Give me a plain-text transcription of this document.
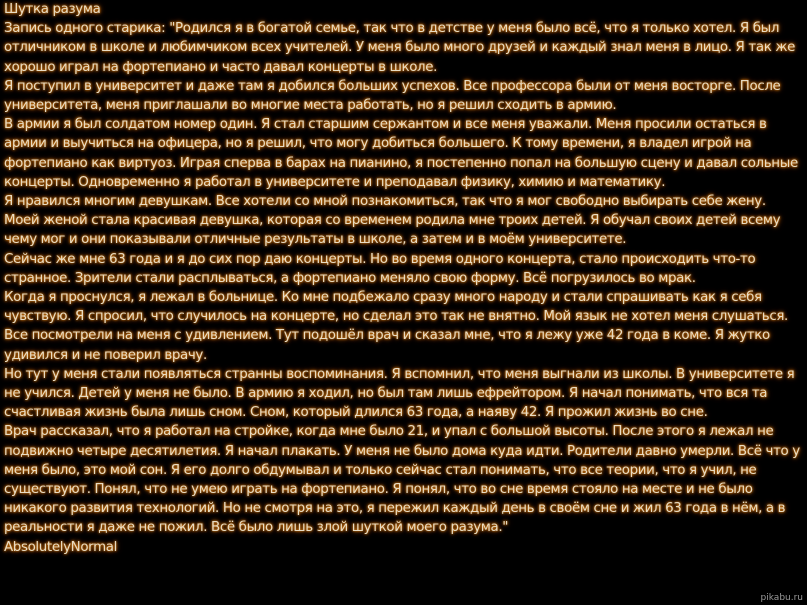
Шутка разума

Запись одного старика: "Родился я в богатой семье, так что в детстве у меня было всё, что я только хотел. Я был отличником в школе и любимчиком всех учителей. У меня было много друзей и каждый знал меня в лицо. Я так же хорошо играл на фортепиано и часто давал концерты в школе.

Я поступил в университет и даже там я добился больших успехов. Все профессора были от меня восторге. После университета, меня приглашали во многие места работать, но я решил сходить в армию.

В армии я был солдатом номер один. Я стал старшим сержантом и все меня уважали. Меня просили остаться в армии и выучиться на офицера, но я решил, что могу добиться большего. К тому времени, я владел игрой на фортепиано как виртуоз. Играя сперва в барах на пианино, я постепенно попал на большую сцену и давал сольные концерты. Одновременно я работал в университете и преподавал физику, химию и математику.

Я нравился многим девушкам. Все хотели со мной познакомиться, так что я мог свободно выбирать себе жену. Моей женой стала красивая девушка, которая со временем родила мне троих детей. Я обучал своих детей всему чему мог и они показывали отличные результаты в школе, а затем и в моём университете.

Сейчас же мне 63 года и я до сих пор даю концерты. Но во время одного концерта, стало происходить что-то странное. Зрители стали расплываться, а фортепиано меняло свою форму. Всё погрузилось во мрак.

Когда я проснулся, я лежал в больнице. Ко мне подбежало сразу много народу и стали спрашивать как я себя чувствую. Я спросил, что случилось на концерте, но сделал это так не внятно. Мой язык не хотел меня слушаться. Все посмотрели на меня с удивлением. Тут подошёл врач и сказал мне, что я лежу уже 42 года в коме. Я жутко удивился и не поверил врачу.

Но тут у меня стали появляться странны воспоминания. Я вспомнил, что меня выгнали из школы. В университете я не учился. Детей у меня не было. В армию я ходил, но был там лишь ефрейтором. Я начал понимать, что вся та счастливая жизнь была лишь сном. Сном, который длился 63 года, а наяву 42. Я прожил жизнь во сне.

Врач рассказал, что я работал на стройке, когда мне было 21, и упал с большой высоты. После этого я лежал не подвижно четыре десятилетия. Я начал плакать. У меня не было дома куда идти. Родители давно умерли. Всё что у меня было, это мой сон. Я его долго обдумывал и только сейчас стал понимать, что все теории, что я учил, не существуют. Понял, что не умею играть на фортепиано. Я понял, что во сне время стояло на месте и не было никакого развития технологий. Но не смотря на это, я пережил каждый день в своём сне и жил 63 года в нём, а в реальности я даже не пожил. Всё было лишь злой шуткой моего разума."

AbsolutelyNormal

pikabu.ru
